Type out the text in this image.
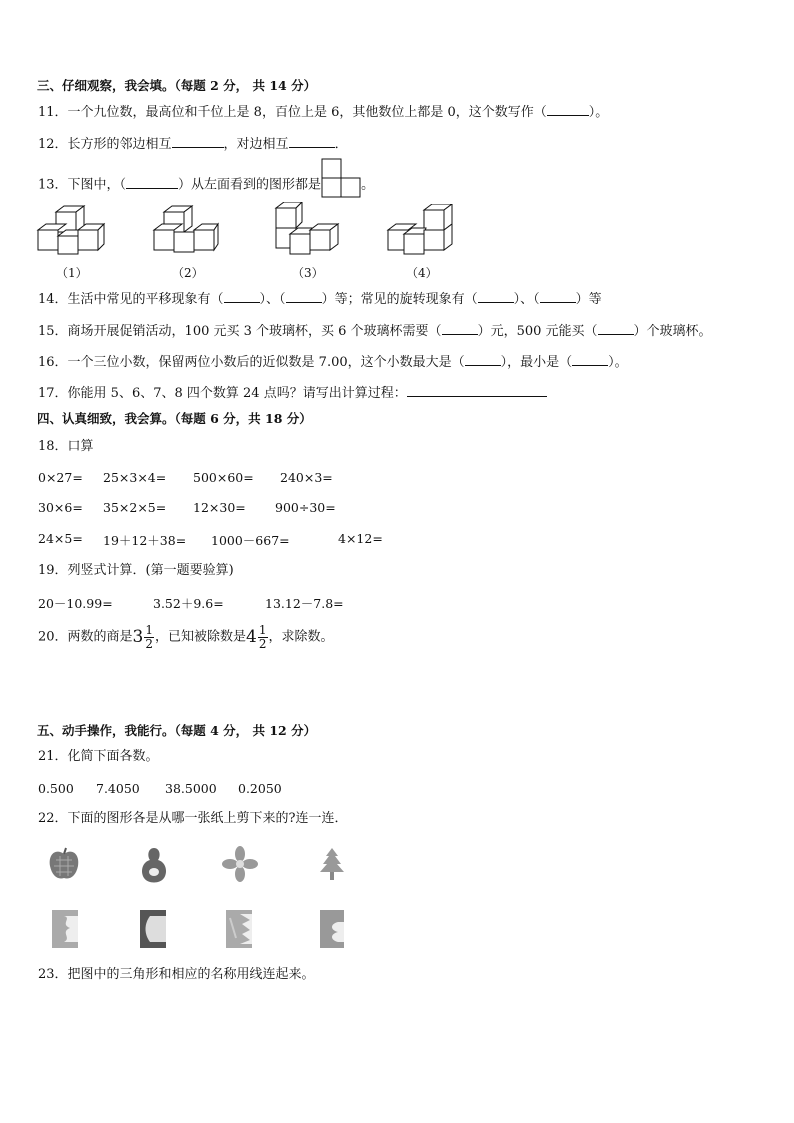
三、仔细观察，我会填。（每题 2 分， 共 14 分）
11．一个九位数，最高位和千位上是 8，百位上是 6，其他数位上都是 0，这个数写作（	）。
12．长方形的邻边相互	，对边相互	．
13．下图中，（	）从左面看到的图形都是	。
（1）	（2）	（3）	（4）
14．生活中常见的平移现象有（	）、（	）等；常见的旋转现象有（	）、（	）等
15．商场开展促销活动，100 元买 3 个玻璃杯，买 6 个玻璃杯需要（	）元，500 元能买（	）个玻璃杯。
16．一个三位小数，保留两位小数后的近似数是 7.00，这个小数最大是（	），最小是（	）。
17．你能用 5、6、7、8 四个数算 24 点吗？请写出计算过程：
四、认真细致，我会算。（每题 6 分，共 18 分）
18．口算
0×27= 25×3×4= 500×60= 240×3=
30×6= 35×2×5= 12×30= 900÷30=
24×5= 19＋12＋38= 1000－667=	4×12=
19．列竖式计算．(第一题要验算)
20－10.99=	3.52＋9.6=	13.12－7.8=
20．两数的商是$3 \frac{1}{2}$ ，已知被除数是$4 \frac{1}{2}$ ，求除数。
五、动手操作，我能行。（每题 4 分， 共 12 分）
21．化简下面各数。
0.500 7.4050 38.5000 0.2050
22．下面的图形各是从哪一张纸上剪下来的?连一连．
23．把图中的三角形和相应的名称用线连起来。
